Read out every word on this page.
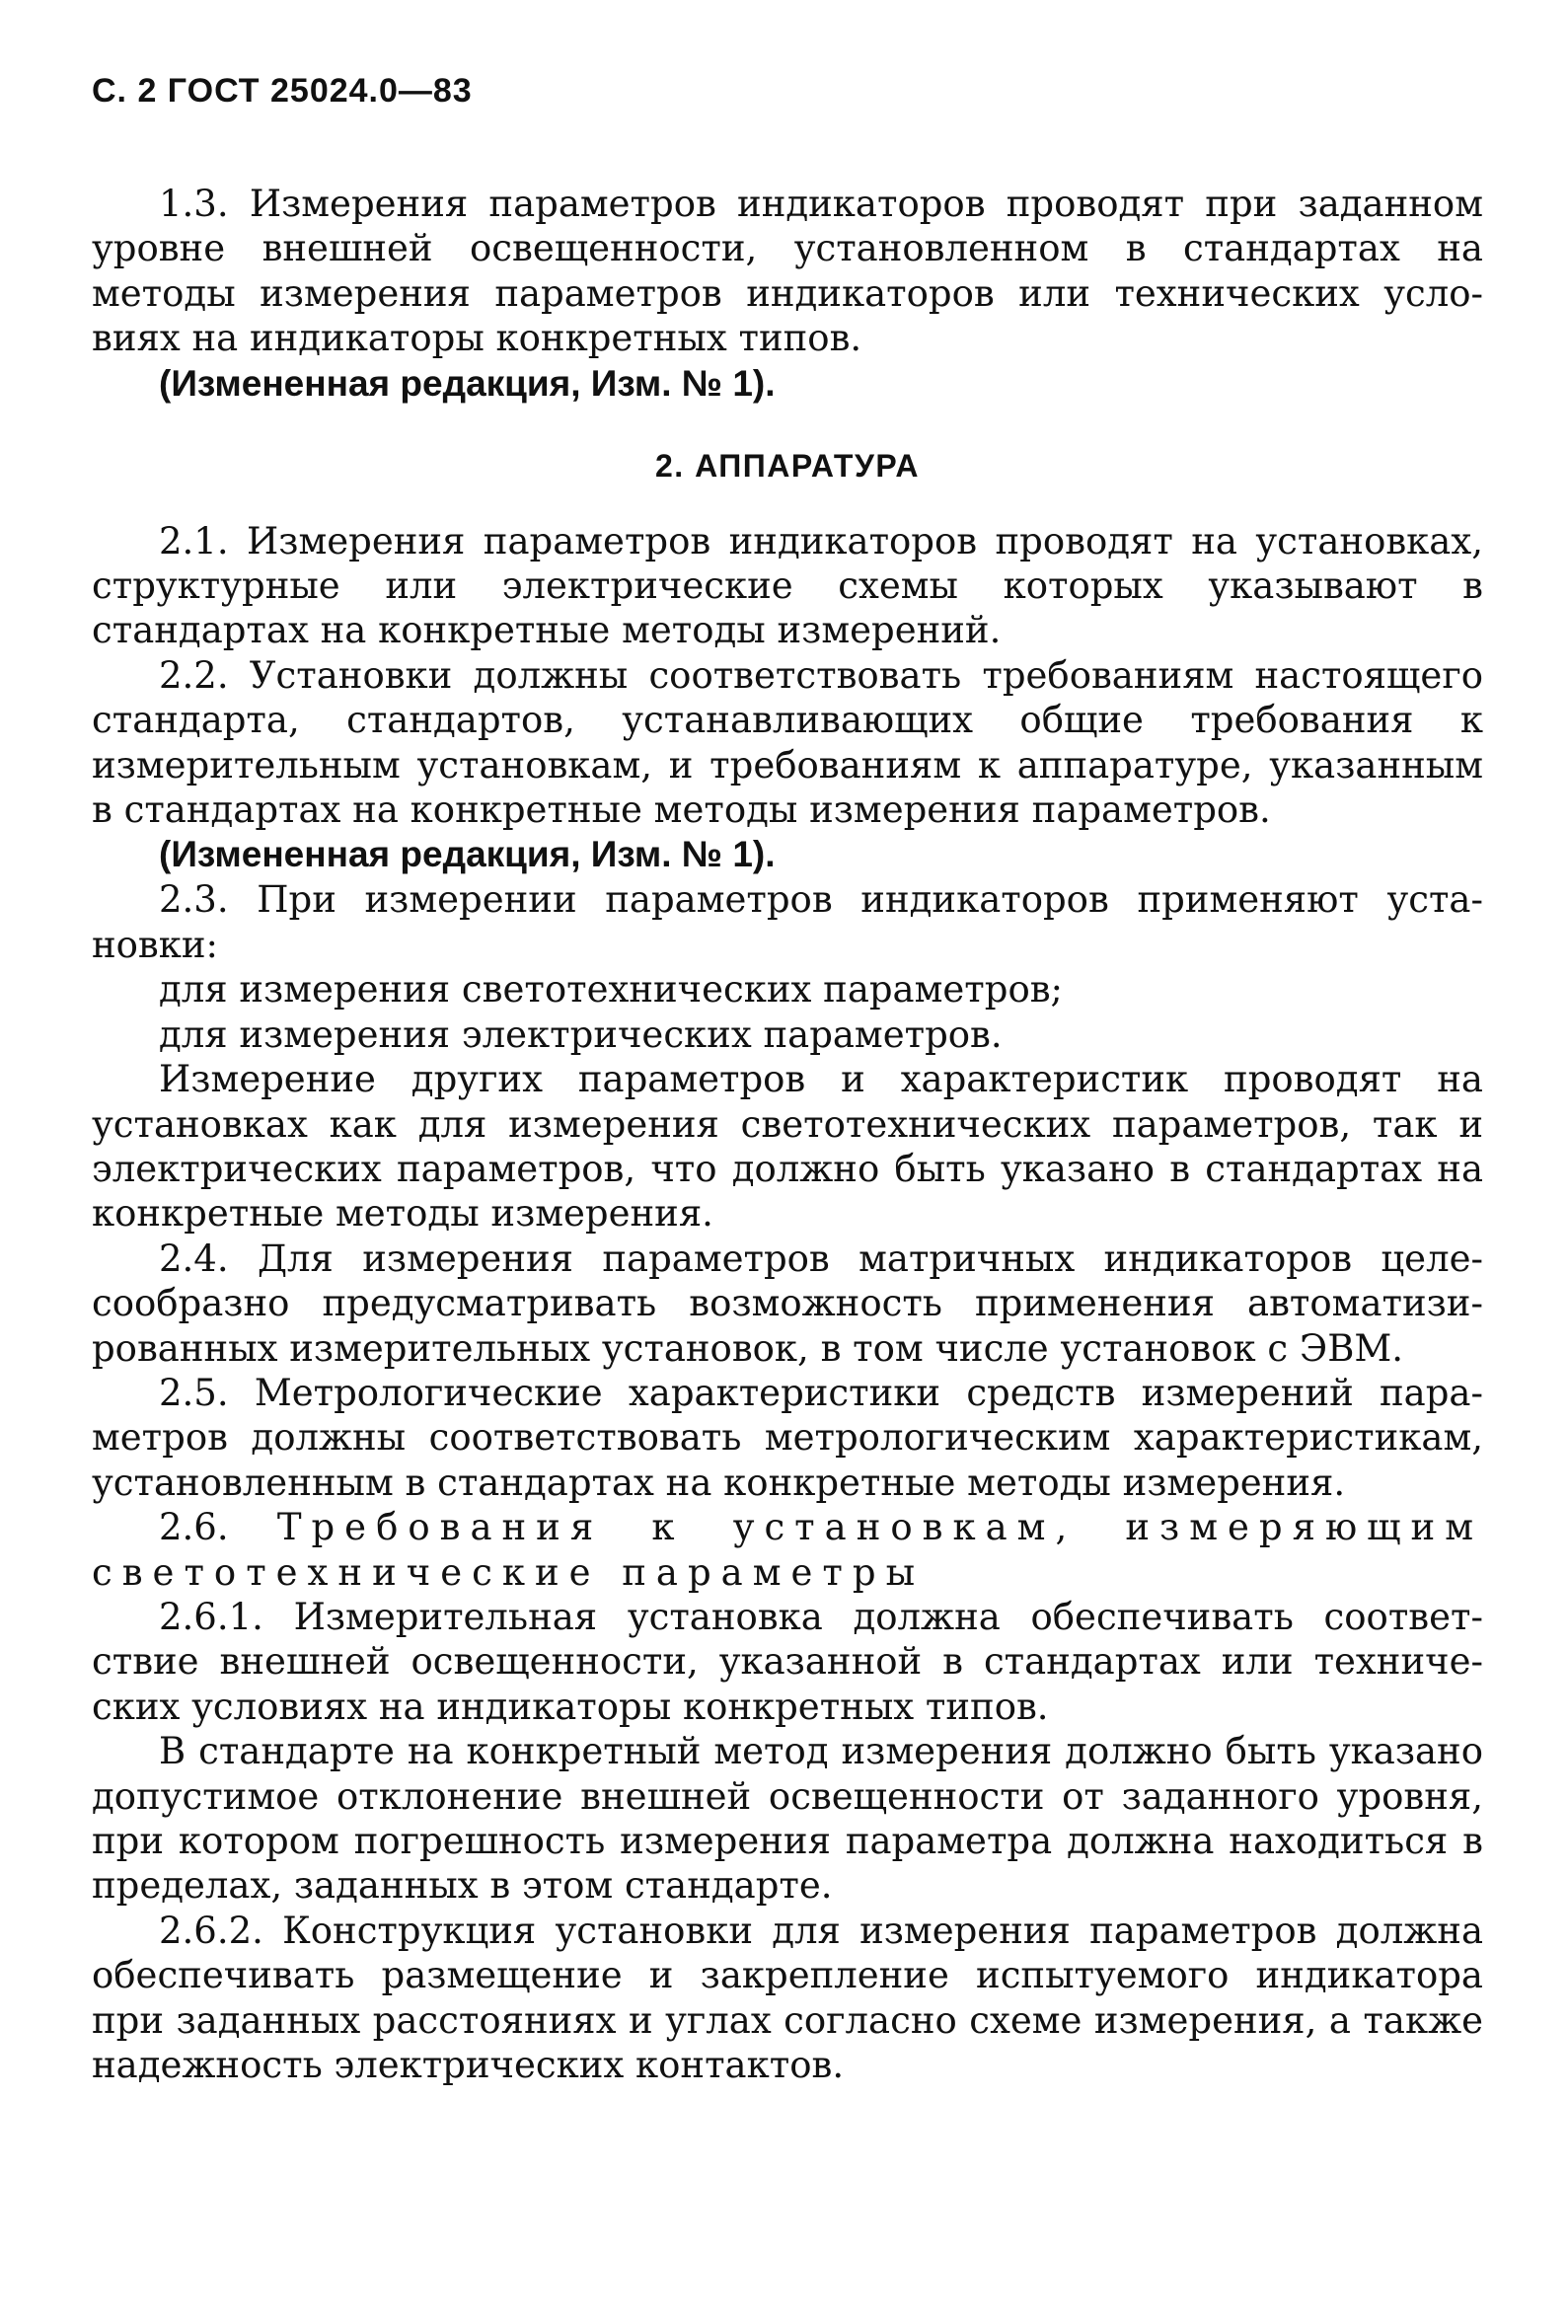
С. 2 ГОСТ 25024.0—83

1.3. Измерения параметров индикаторов проводят при заданном уровне внешней освещенности, установленном в стандартах на методы измерения параметров индикаторов или технических условиях на индикаторы конкретных типов.

(Измененная редакция, Изм. № 1).

2. АППАРАТУРА

2.1. Измерения параметров индикаторов проводят на установках, структурные или электрические схемы которых указывают в стандартах на конкретные методы измерений.

2.2. Установки должны соответствовать требованиям настоящего стандарта, стандартов, устанавливающих общие требования к измерительным установкам, и требованиям к аппаратуре, указанным в стандартах на конкретные методы измерения параметров.

(Измененная редакция, Изм. № 1).

2.3. При измерении параметров индикаторов применяют установки:

для измерения светотехнических параметров;

для измерения электрических параметров.

Измерение других параметров и характеристик проводят на установках как для измерения светотехнических параметров, так и электрических параметров, что должно быть указано в стандартах на конкретные методы измерения.

2.4. Для измерения параметров матричных индикаторов целесообразно предусматривать возможность применения автоматизированных измерительных установок, в том числе установок с ЭВМ.

2.5. Метрологические характеристики средств измерений параметров должны соответствовать метрологическим характеристикам, установленным в стандартах на конкретные методы измерения.

2.6. Требования к установкам, измеряющим светотехнические параметры

2.6.1. Измерительная установка должна обеспечивать соответствие внешней освещенности, указанной в стандартах или технических условиях на индикаторы конкретных типов.

В стандарте на конкретный метод измерения должно быть указано допустимое отклонение внешней освещенности от заданного уровня, при котором погрешность измерения параметра должна находиться в пределах, заданных в этом стандарте.

2.6.2. Конструкция установки для измерения параметров должна обеспечивать размещение и закрепление испытуемого индикатора при заданных расстояниях и углах согласно схеме измерения, а также надежность электрических контактов.
